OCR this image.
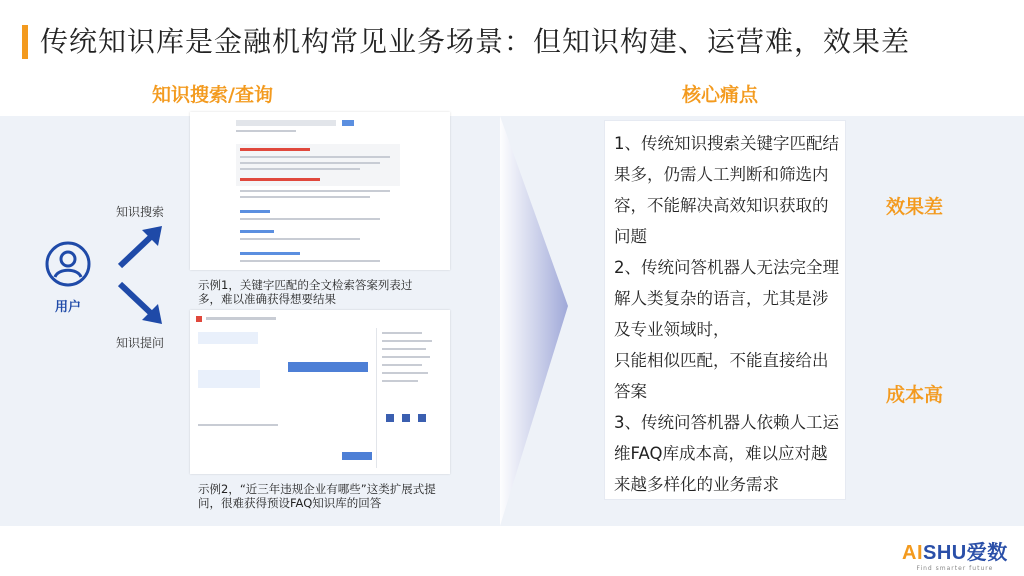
传统知识库是金融机构常见业务场景：但知识构建、运营难，效果差
知识搜索/查询	核心痛点
用户
知识搜索
知识提问
示例1，关键字匹配的全文检索答案列表过多，难以准确获得想要结果
示例2，“近三年违规企业有哪些”这类扩展式提问，很难获得预设FAQ知识库的回答

1、传统知识搜索关键字匹配结果多，仍需人工判断和筛选内容，不能解决高效知识获取的问题

2、传统问答机器人无法完全理解人类复杂的语言，尤其是涉及专业领域时，

只能相似匹配，不能直接给出答案

3、传统问答机器人依赖人工运维FAQ库成本高，难以应对越来越多样化的业务需求

效果差
成本高
AISHU爱数
Find smarter future
